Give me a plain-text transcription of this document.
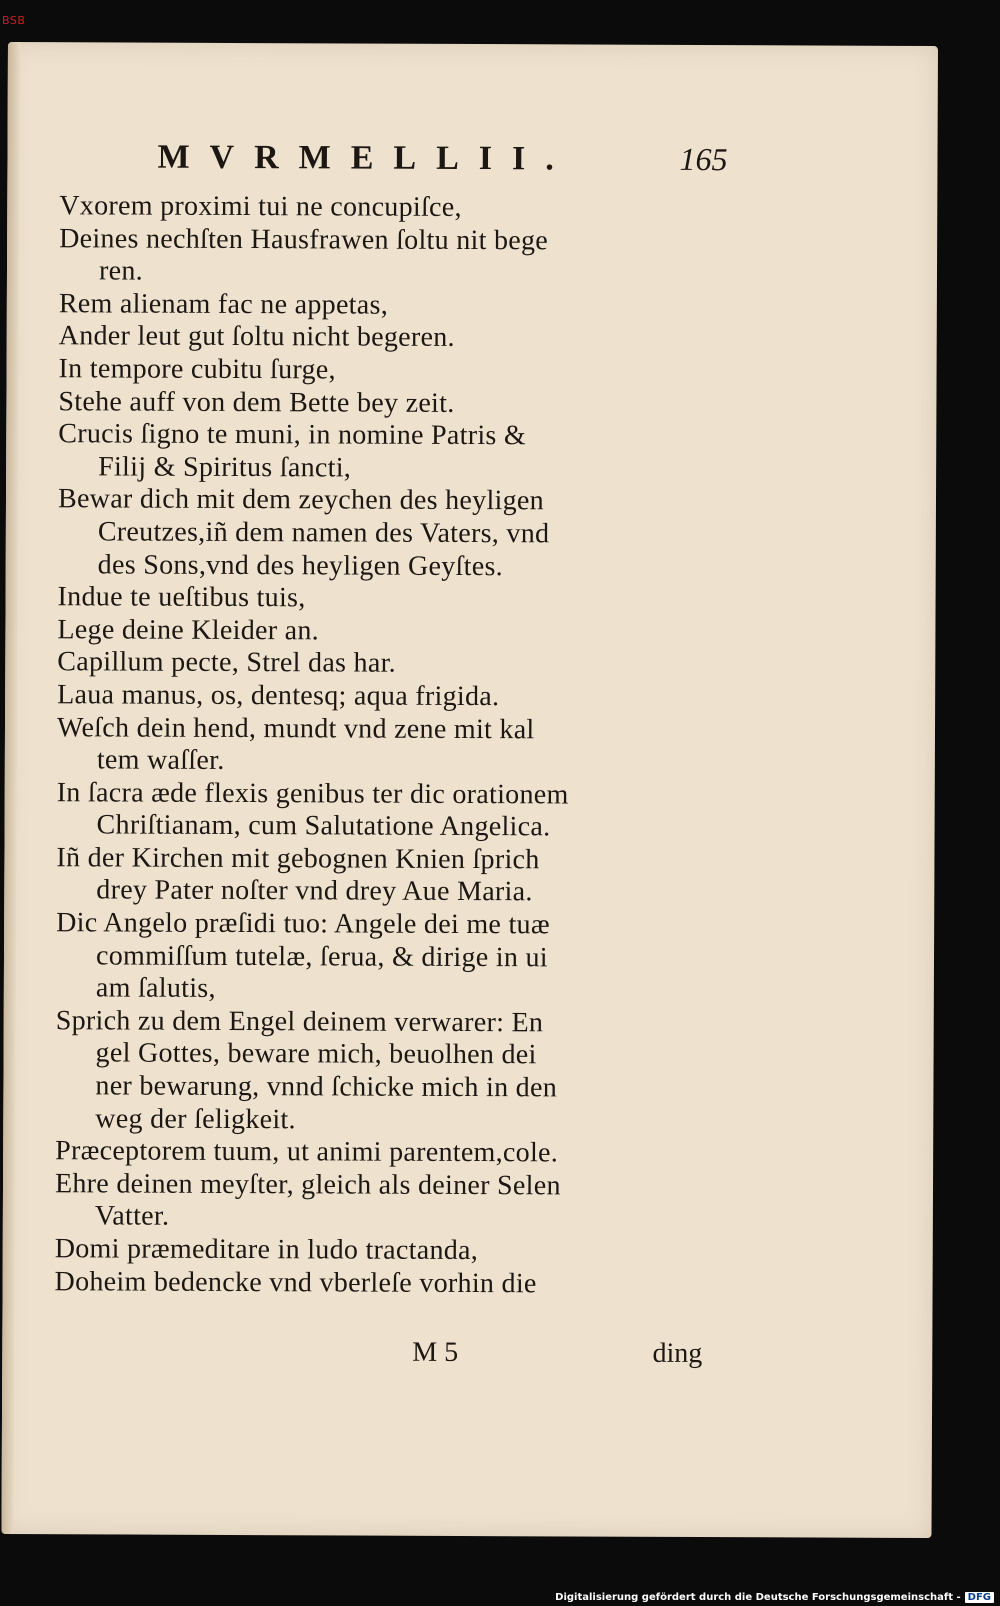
BSB
MVRMELLII.	165
Vxorem proximi tui ne concupiſce,
Deines nechſten Hausfrawen ſoltu nit bege
ren.
Rem alienam fac ne appetas,
Ander leut gut ſoltu nicht begeren.
In tempore cubitu ſurge,
Stehe auff von dem Bette bey zeit.
Crucis ſigno te muni, in nomine Patris &
Filij & Spiritus ſancti,
Bewar dich mit dem zeychen des heyligen
Creutzes,iñ dem namen des Vaters, vnd
des Sons,vnd des heyligen Geyſtes.
Indue te ueſtibus tuis,
Lege deine Kleider an.
Capillum pecte, Strel das har.
Laua manus, os, dentesq; aqua frigida.
Weſch dein hend, mundt vnd zene mit kal
tem waſſer.
In ſacra æde flexis genibus ter dic orationem
Chriſtianam, cum Salutatione Angelica.
Iñ der Kirchen mit gebognen Knien ſprich
drey Pater noſter vnd drey Aue Maria.
Dic Angelo præſidi tuo: Angele dei me tuæ
commiſſum tutelæ, ſerua, & dirige in ui
am ſalutis,
Sprich zu dem Engel deinem verwarer: En
gel Gottes, beware mich, beuolhen dei
ner bewarung, vnnd ſchicke mich in den
weg der ſeligkeit.
Præceptorem tuum, ut animi parentem,cole.
Ehre deinen meyſter, gleich als deiner Selen
Vatter.
Domi præmeditare in ludo tractanda,
Doheim bedencke vnd vberleſe vorhin die
M 5	ding
Digitalisierung gefördert durch die Deutsche Forschungsgemeinschaft - DFG
